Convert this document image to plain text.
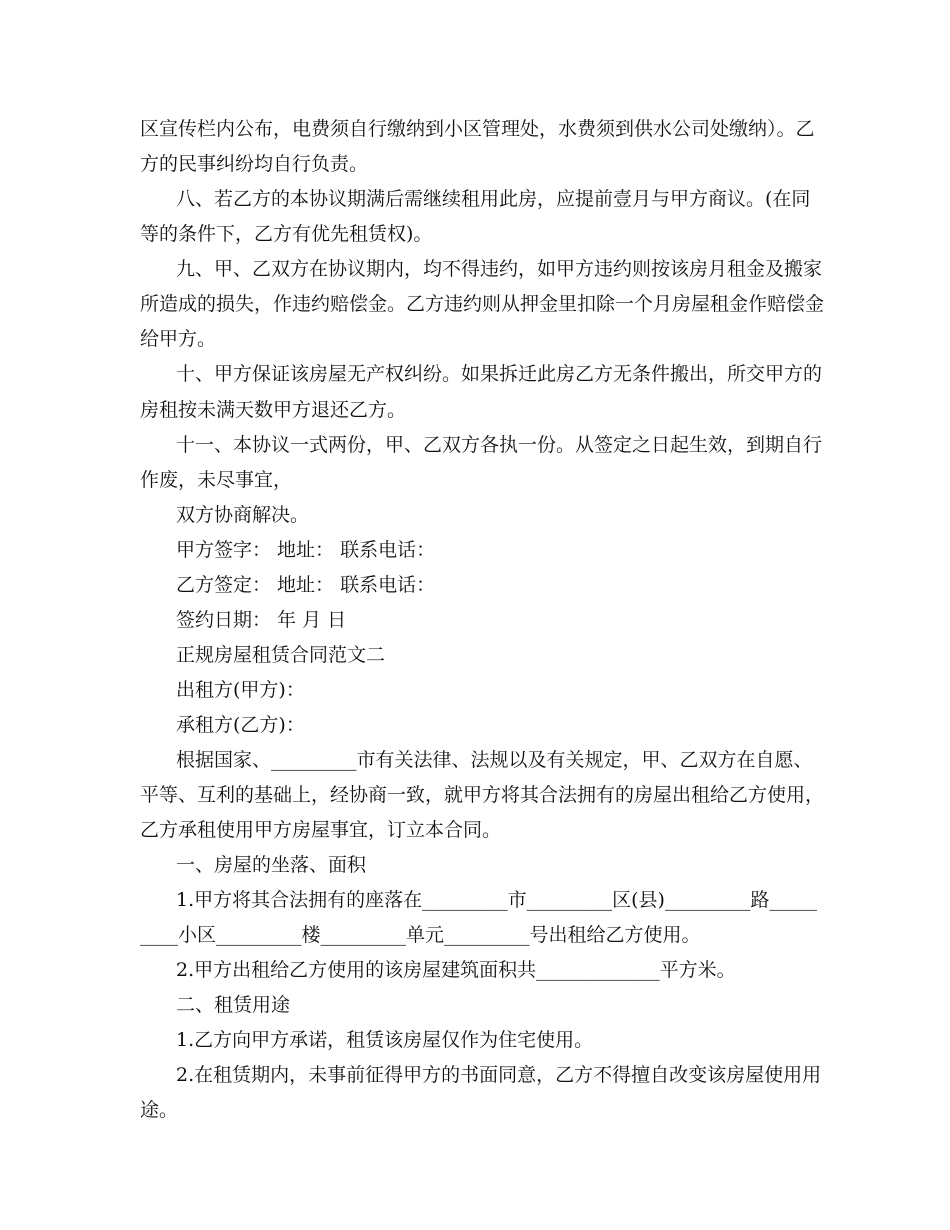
区宣传栏内公布，电费须自行缴纳到小区管理处，水费须到供水公司处缴纳）。乙
方的民事纠纷均自行负责。
八、若乙方的本协议期满后需继续租用此房，应提前壹月与甲方商议。(在同
等的条件下，乙方有优先租赁权)。
九、甲、乙双方在协议期内，均不得违约，如甲方违约则按该房月租金及搬家
所造成的损失，作违约赔偿金。乙方违约则从押金里扣除一个月房屋租金作赔偿金
给甲方。
十、甲方保证该房屋无产权纠纷。如果拆迁此房乙方无条件搬出，所交甲方的
房租按未满天数甲方退还乙方。
十一、本协议一式两份，甲、乙双方各执一份。从签定之日起生效，到期自行
作废，未尽事宜，
双方协商解决。
甲方签字： 地址： 联系电话：
乙方签定： 地址： 联系电话：
签约日期： 年 月 日
正规房屋租赁合同范文二
出租方(甲方)：
承租方(乙方)：
根据国家、_________市有关法律、法规以及有关规定，甲、乙双方在自愿、
平等、互利的基础上，经协商一致，就甲方将其合法拥有的房屋出租给乙方使用，
乙方承租使用甲方房屋事宜，订立本合同。
一、房屋的坐落、面积
1.甲方将其合法拥有的座落在_________市_________区(县)_________路_____
____小区_________楼_________单元_________号出租给乙方使用。
2.甲方出租给乙方使用的该房屋建筑面积共_____________平方米。
二、租赁用途
1.乙方向甲方承诺，租赁该房屋仅作为住宅使用。
2.在租赁期内，未事前征得甲方的书面同意，乙方不得擅自改变该房屋使用用
途。
